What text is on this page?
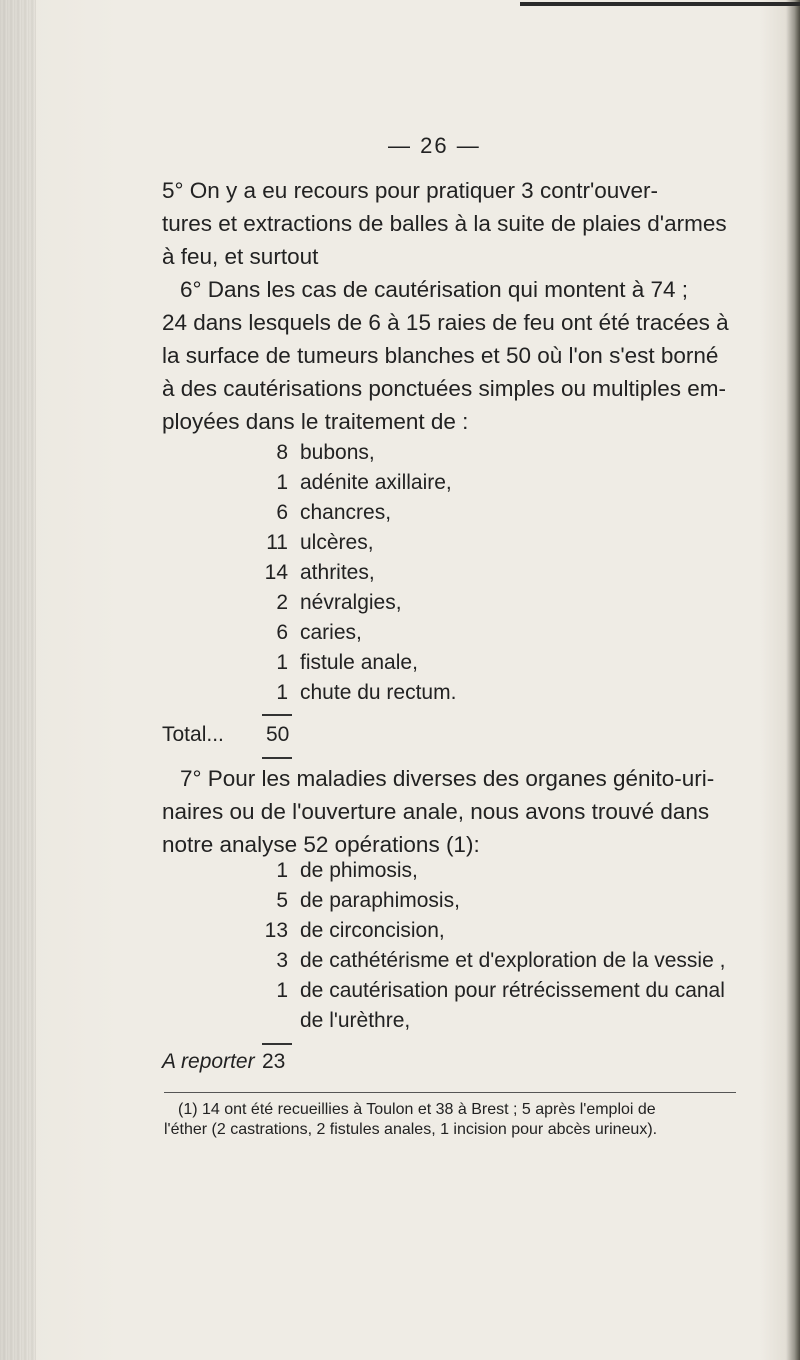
— 26 —
5° On y a eu recours pour pratiquer 3 contr'ouver-
tures et extractions de balles à la suite de plaies d'armes
à feu, et surtout
6° Dans les cas de cautérisation qui montent à 74 ;
24 dans lesquels de 6 à 15 raies de feu ont été tracées à
la surface de tumeurs blanches et 50 où l'on s'est borné
à des cautérisations ponctuées simples ou multiples em-
ployées dans le traitement de :
8 bubons,
1 adénite axillaire,
6 chancres,
11 ulcères,
14 athrites,
2 névralgies,
6 caries,
1 fistule anale,
1 chute du rectum.
Total... 50
7° Pour les maladies diverses des organes génito-uri-
naires ou de l'ouverture anale, nous avons trouvé dans
notre analyse 52 opérations (1):
1 de phimosis,
5 de paraphimosis,
13 de circoncision,
3 de cathétérisme et d'exploration de la vessie ,
1 de cautérisation pour rétrécissement du canal
de l'urèthre,
A reporter 23
(1) 14 ont été recueillies à Toulon et 38 à Brest ; 5 après l'emploi de
l'éther (2 castrations, 2 fistules anales, 1 incision pour abcès urineux).
